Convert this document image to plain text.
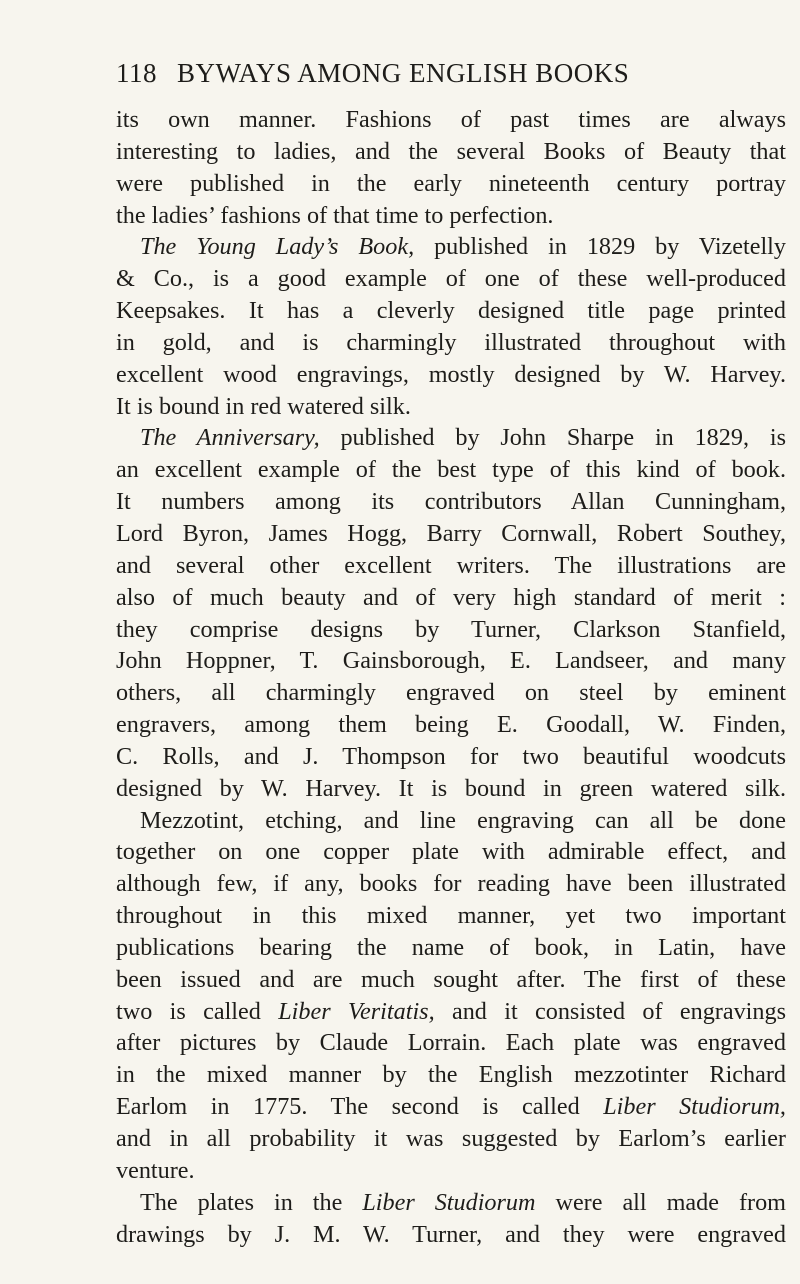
118 BYWAYS AMONG ENGLISH BOOKS
its own manner. Fashions of past times are always
interesting to ladies, and the several Books of Beauty that
were published in the early nineteenth century portray
the ladies’ fashions of that time to perfection.
The Young Lady’s Book, published in 1829 by Vizetelly
& Co., is a good example of one of these well-produced
Keepsakes. It has a cleverly designed title page printed
in gold, and is charmingly illustrated throughout with
excellent wood engravings, mostly designed by W. Harvey.
It is bound in red watered silk.
The Anniversary, published by John Sharpe in 1829, is
an excellent example of the best type of this kind of book.
It numbers among its contributors Allan Cunningham,
Lord Byron, James Hogg, Barry Cornwall, Robert Southey,
and several other excellent writers. The illustrations are
also of much beauty and of very high standard of merit :
they comprise designs by Turner, Clarkson Stanfield,
John Hoppner, T. Gainsborough, E. Landseer, and many
others, all charmingly engraved on steel by eminent
engravers, among them being E. Goodall, W. Finden,
C. Rolls, and J. Thompson for two beautiful woodcuts
designed by W. Harvey. It is bound in green watered silk.
Mezzotint, etching, and line engraving can all be done
together on one copper plate with admirable effect, and
although few, if any, books for reading have been illustrated
throughout in this mixed manner, yet two important
publications bearing the name of book, in Latin, have
been issued and are much sought after. The first of these
two is called Liber Veritatis, and it consisted of engravings
after pictures by Claude Lorrain. Each plate was engraved
in the mixed manner by the English mezzotinter Richard
Earlom in 1775. The second is called Liber Studiorum,
and in all probability it was suggested by Earlom’s earlier
venture.
The plates in the Liber Studiorum were all made from
drawings by J. M. W. Turner, and they were engraved
